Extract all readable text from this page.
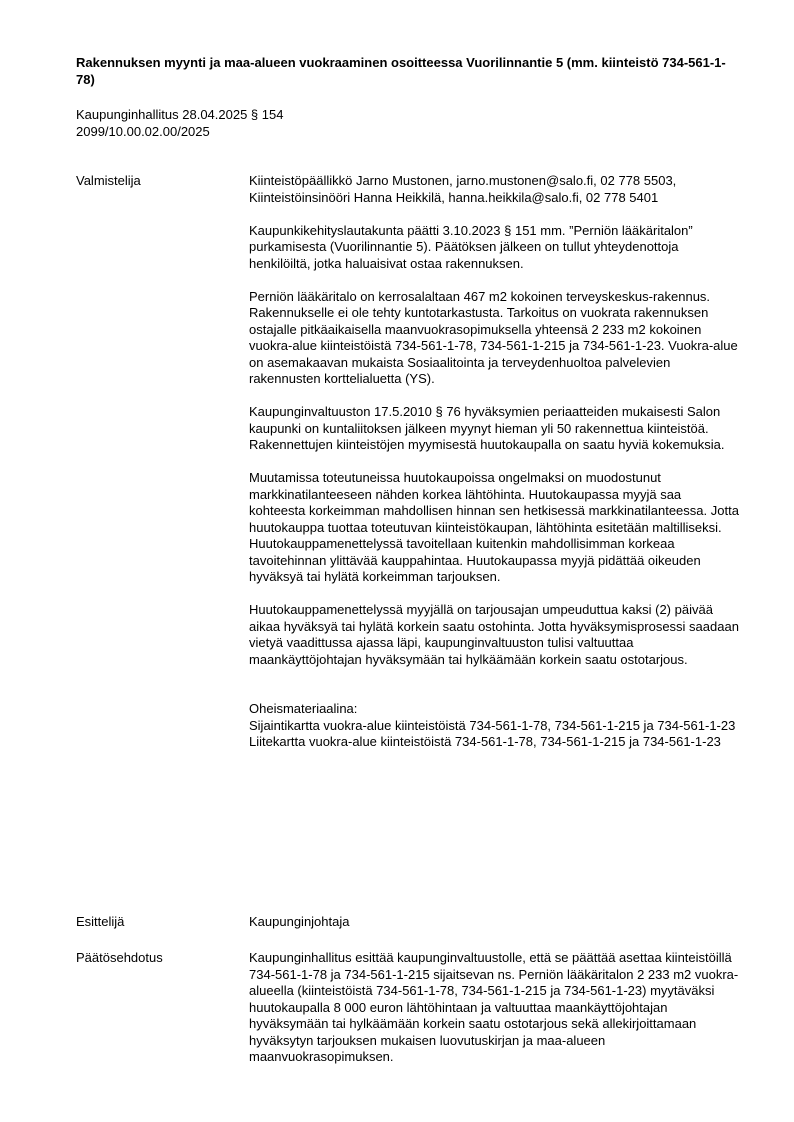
Rakennuksen myynti ja maa-alueen vuokraaminen osoitteessa Vuorilinnantie 5 (mm. kiinteistö 734-561-1-78)
Kaupunginhallitus 28.04.2025 § 154
2099/10.00.02.00/2025
Valmistelija	Kiinteistöpäällikkö Jarno Mustonen, jarno.mustonen@salo.fi, 02 778 5503,
Kiinteistöinsinööri Hanna Heikkilä, hanna.heikkila@salo.fi, 02 778 5401

Kaupunkikehityslautakunta päätti 3.10.2023 § 151 mm. ”Perniön lääkäritalon” purkamisesta (Vuorilinnantie 5). Päätöksen jälkeen on tullut yhteydenottoja henkilöiltä, jotka haluaisivat ostaa rakennuksen.

Perniön lääkäritalo on kerrosalaltaan 467 m2 kokoinen terveyskeskus-rakennus. Rakennukselle ei ole tehty kuntotarkastusta. Tarkoitus on vuokrata rakennuksen ostajalle pitkäaikaisella maanvuokrasopimuksella yhteensä 2 233 m2 kokoinen vuokra-alue kiinteistöistä 734-561-1-78, 734-561-1-215 ja 734-561-1-23. Vuokra-alue on asemakaavan mukaista Sosiaalitointa ja terveydenhuoltoa palvelevien rakennusten korttelialuetta (YS).

Kaupunginvaltuuston 17.5.2010 § 76 hyväksymien periaatteiden mukaisesti Salon kaupunki on kuntaliitoksen jälkeen myynyt hieman yli 50 rakennettua kiinteistöä. Rakennettujen kiinteistöjen myymisestä huutokaupalla on saatu hyviä kokemuksia.

Muutamissa toteutuneissa huutokaupoissa ongelmaksi on muodostunut markkinatilanteeseen nähden korkea lähtöhinta. Huutokaupassa myyjä saa kohteesta korkeimman mahdollisen hinnan sen hetkisessä markkinatilanteessa. Jotta huutokauppa tuottaa toteutuvan kiinteistökaupan, lähtöhinta esitetään maltilliseksi. Huutokauppamenettelyssä tavoitellaan kuitenkin mahdollisimman korkeaa tavoitehinnan ylittävää kauppahintaa. Huutokaupassa myyjä pidättää oikeuden hyväksyä tai hylätä korkeimman tarjouksen.

Huutokauppamenettelyssä myyjällä on tarjousajan umpeuduttua kaksi (2) päivää aikaa hyväksyä tai hylätä korkein saatu ostohinta. Jotta hyväksymisprosessi saadaan vietyä vaadittussa ajassa läpi, kaupunginvaltuuston tulisi valtuuttaa maankäyttöjohtajan hyväksymään tai hylkäämään korkein saatu ostotarjous.

Oheismateriaalina:
Sijaintikartta vuokra-alue kiinteistöistä 734-561-1-78, 734-561-1-215 ja 734-561-1-23
Liitekartta vuokra-alue kiinteistöistä 734-561-1-78, 734-561-1-215 ja 734-561-1-23

Esittelijä	Kaupunginjohtaja
Päätösehdotus	Kaupunginhallitus esittää kaupunginvaltuustolle, että se päättää asettaa kiinteistöillä 734-561-1-78 ja 734-561-1-215 sijaitsevan ns. Perniön lääkäritalon 2 233 m2 vuokra-alueella (kiinteistöistä 734-561-1-78, 734-561-1-215 ja 734-561-1-23) myytäväksi huutokaupalla 8 000 euron lähtöhintaan ja valtuuttaa maankäyttöjohtajan hyväksymään tai hylkäämään korkein saatu ostotarjous sekä allekirjoittamaan hyväksytyn tarjouksen mukaisen luovutuskirjan ja maa-alueen maanvuokrasopimuksen.
